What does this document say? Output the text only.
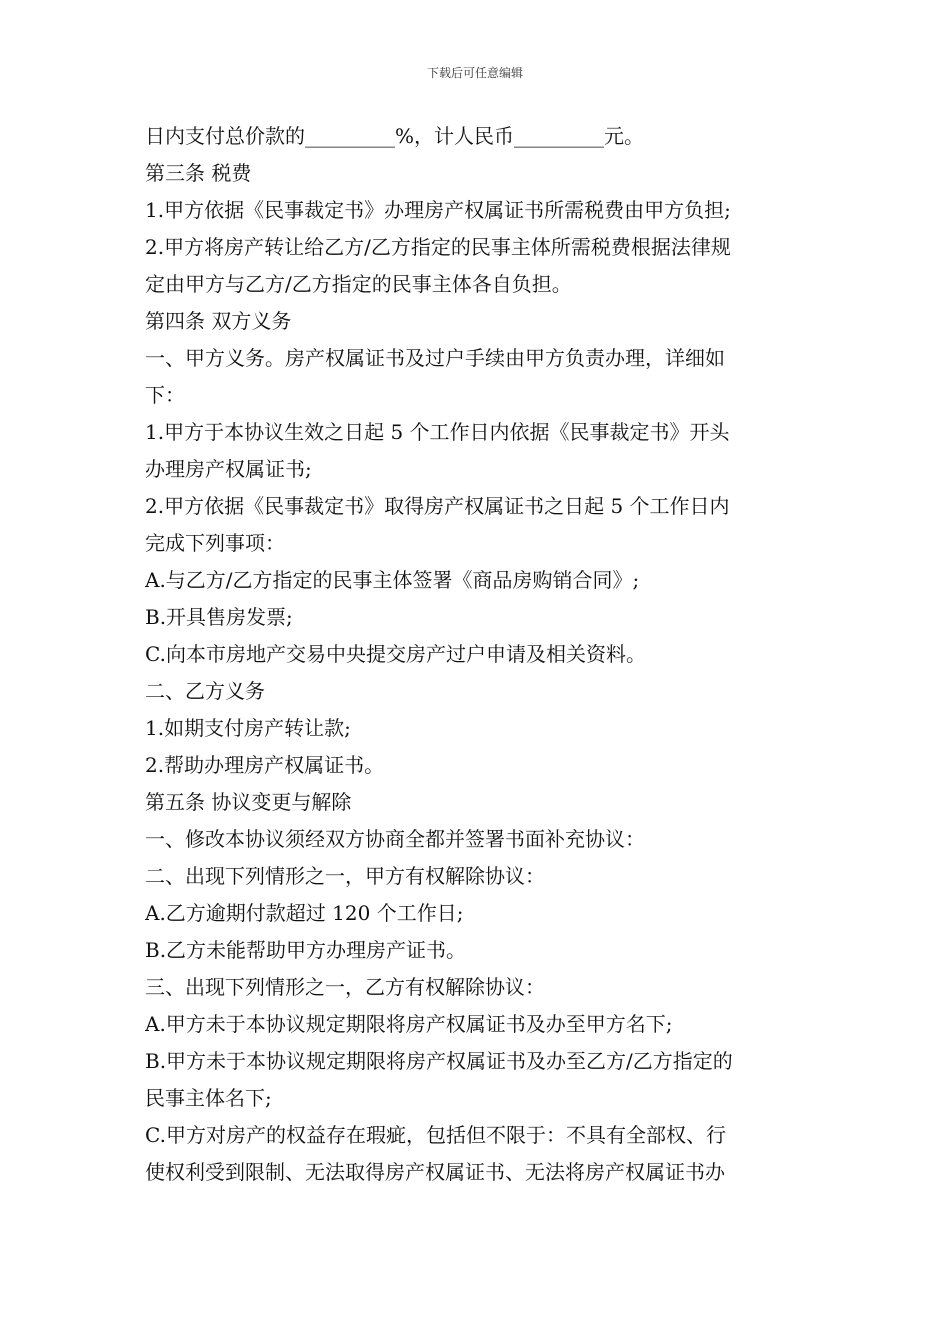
下载后可任意编辑
日内支付总价款的_________%，计人民币_________元。
第三条 税费
1.甲方依据《民事裁定书》办理房产权属证书所需税费由甲方负担;
2.甲方将房产转让给乙方/乙方指定的民事主体所需税费根据法律规
定由甲方与乙方/乙方指定的民事主体各自负担。
第四条 双方义务
一、甲方义务。房产权属证书及过户手续由甲方负责办理，详细如
下：
1.甲方于本协议生效之日起 5 个工作日内依据《民事裁定书》开头
办理房产权属证书;
2.甲方依据《民事裁定书》取得房产权属证书之日起 5 个工作日内
完成下列事项：
A.与乙方/乙方指定的民事主体签署《商品房购销合同》;
B.开具售房发票;
C.向本市房地产交易中央提交房产过户申请及相关资料。
二、乙方义务
1.如期支付房产转让款;
2.帮助办理房产权属证书。
第五条 协议变更与解除
一、修改本协议须经双方协商全都并签署书面补充协议：
二、出现下列情形之一，甲方有权解除协议：
A.乙方逾期付款超过 120 个工作日;
B.乙方未能帮助甲方办理房产证书。
三、出现下列情形之一，乙方有权解除协议：
A.甲方未于本协议规定期限将房产权属证书及办至甲方名下;
B.甲方未于本协议规定期限将房产权属证书及办至乙方/乙方指定的
民事主体名下;
C.甲方对房产的权益存在瑕疵，包括但不限于：不具有全部权、行
使权利受到限制、无法取得房产权属证书、无法将房产权属证书办
